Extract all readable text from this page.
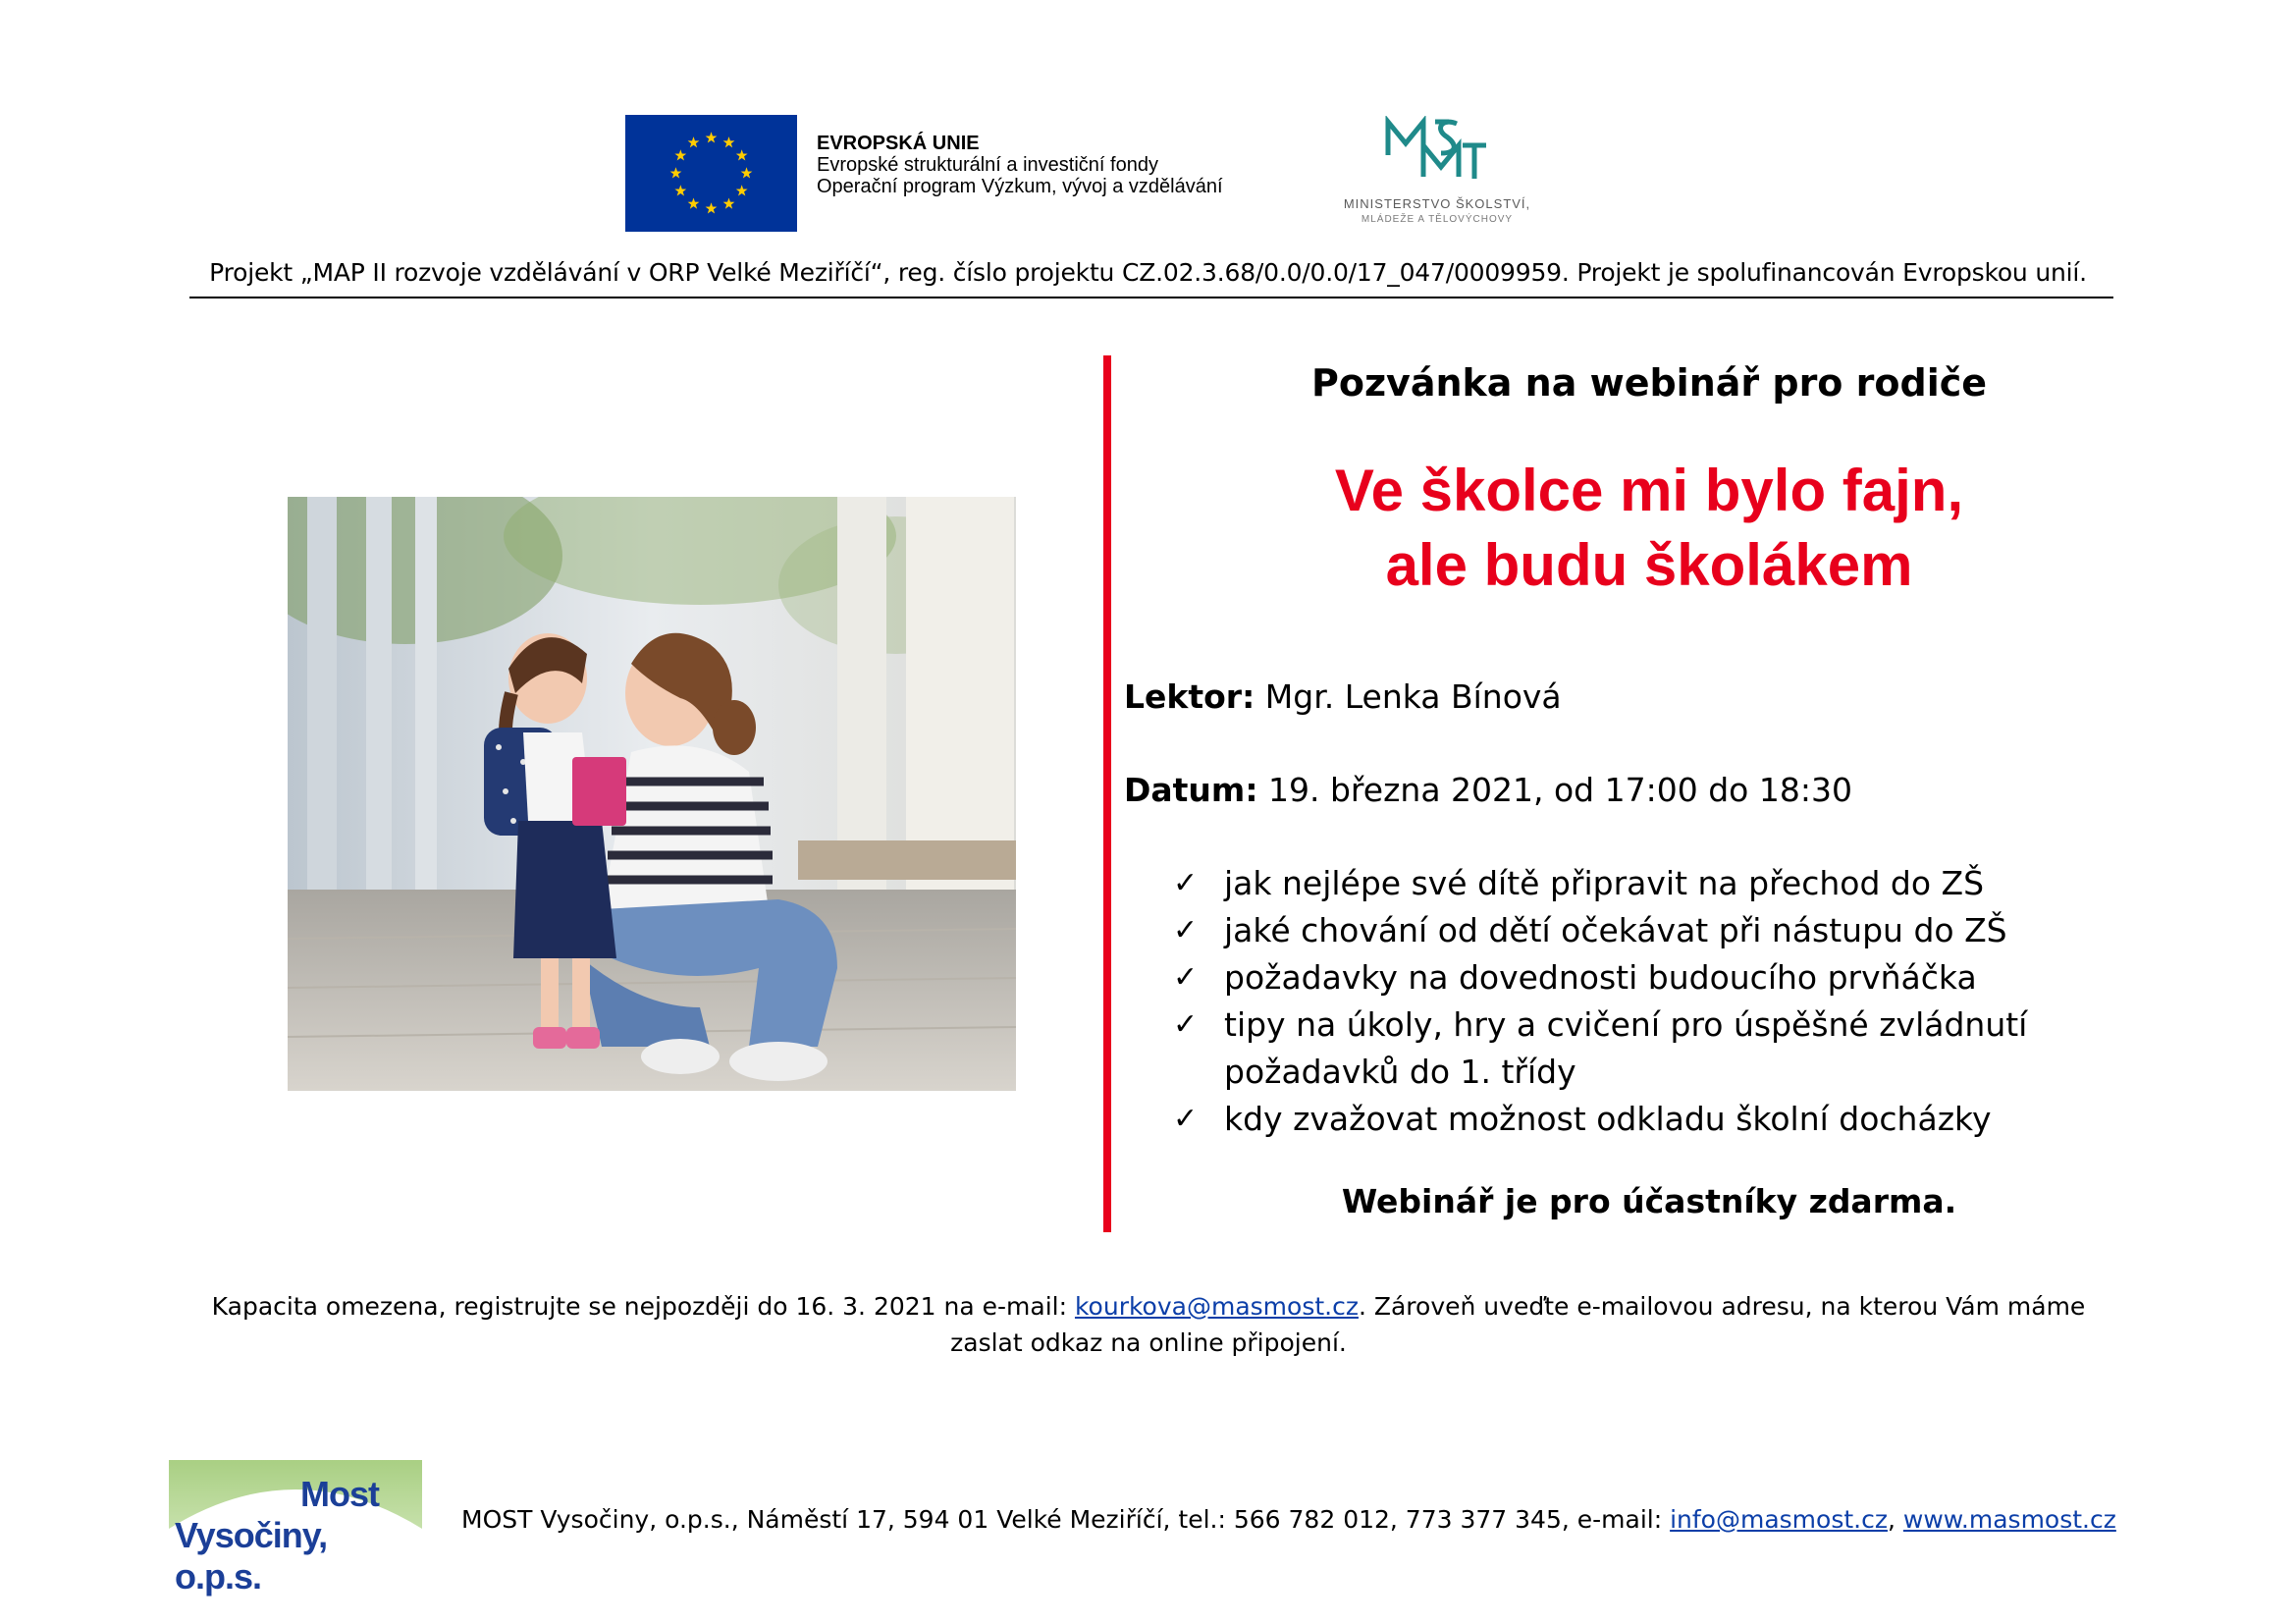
EVROPSKÁ UNIE
Evropské strukturální a investiční fondy
Operační program Výzkum, vývoj a vzdělávání
MINISTERSTVO ŠKOLSTVÍ,
MLÁDEŽE A TĚLOVÝCHOVY
Projekt „MAP II rozvoje vzdělávání v ORP Velké Meziříčí“, reg. číslo projektu CZ.02.3.68/0.0/0.0/17_047/0009959. Projekt je spolufinancován Evropskou unií.
Pozvánka na webinář pro rodiče
Ve školce mi bylo fajn,
ale budu školákem
Lektor: Mgr. Lenka Bínová
Datum: 19. března 2021, od 17:00 do 18:30
✓ jak nejlépe své dítě připravit na přechod do ZŠ
✓ jaké chování od dětí očekávat při nástupu do ZŠ
✓ požadavky na dovednosti budoucího prvňáčka
✓ tipy na úkoly, hry a cvičení pro úspěšné zvládnutí požadavků do 1. třídy
✓ kdy zvažovat možnost odkladu školní docházky
Webinář je pro účastníky zdarma.
Kapacita omezena, registrujte se nejpozději do 16. 3. 2021 na e-mail: kourkova@masmost.cz. Zároveň uveďte e-mailovou adresu, na kterou Vám máme zaslat odkaz na online připojení.
Most
Vysočiny, o.p.s.
MOST Vysočiny, o.p.s., Náměstí 17, 594 01 Velké Meziříčí, tel.: 566 782 012, 773 377 345, e-mail: info@masmost.cz, www.masmost.cz
